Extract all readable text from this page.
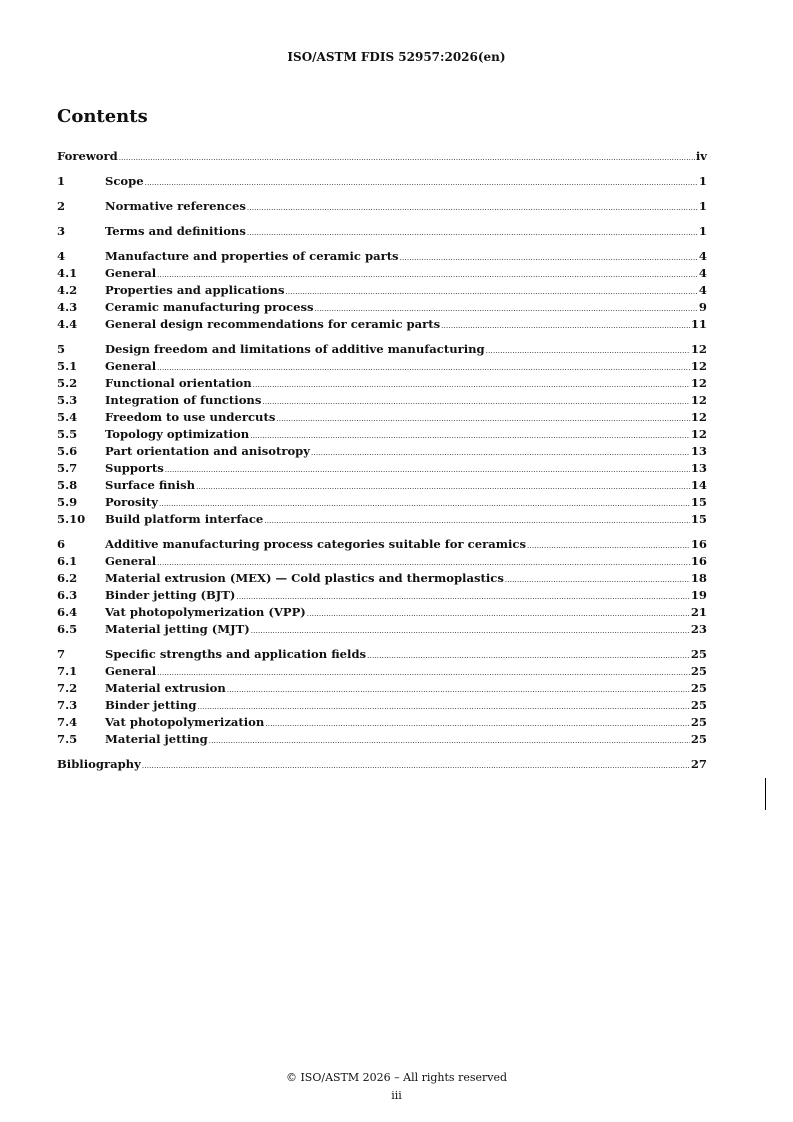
ISO/ASTM FDIS 52957:2026(en)
Contents
Foreword .....	iv
1	Scope .....	1
2	Normative references .....	1
3	Terms and definitions .....	1
4	Manufacture and properties of ceramic parts .....	4
4.1	General .....	4
4.2	Properties and applications .....	4
4.3	Ceramic manufacturing process .....	9
4.4	General design recommendations for ceramic parts .....	11
5	Design freedom and limitations of additive manufacturing .....	12
5.1	General .....	12
5.2	Functional orientation .....	12
5.3	Integration of functions .....	12
5.4	Freedom to use undercuts .....	12
5.5	Topology optimization .....	12
5.6	Part orientation and anisotropy .....	13
5.7	Supports .....	13
5.8	Surface finish .....	14
5.9	Porosity .....	15
5.10	Build platform interface .....	15
6	Additive manufacturing process categories suitable for ceramics .....	16
6.1	General .....	16
6.2	Material extrusion (MEX) — Cold plastics and thermoplastics .....	18
6.3	Binder jetting (BJT) .....	19
6.4	Vat photopolymerization (VPP) .....	21
6.5	Material jetting (MJT) .....	23
7	Specific strengths and application fields .....	25
7.1	General .....	25
7.2	Material extrusion .....	25
7.3	Binder jetting .....	25
7.4	Vat photopolymerization .....	25
7.5	Material jetting .....	25
Bibliography .....	27
© ISO/ASTM 2026 – All rights reserved
iii
